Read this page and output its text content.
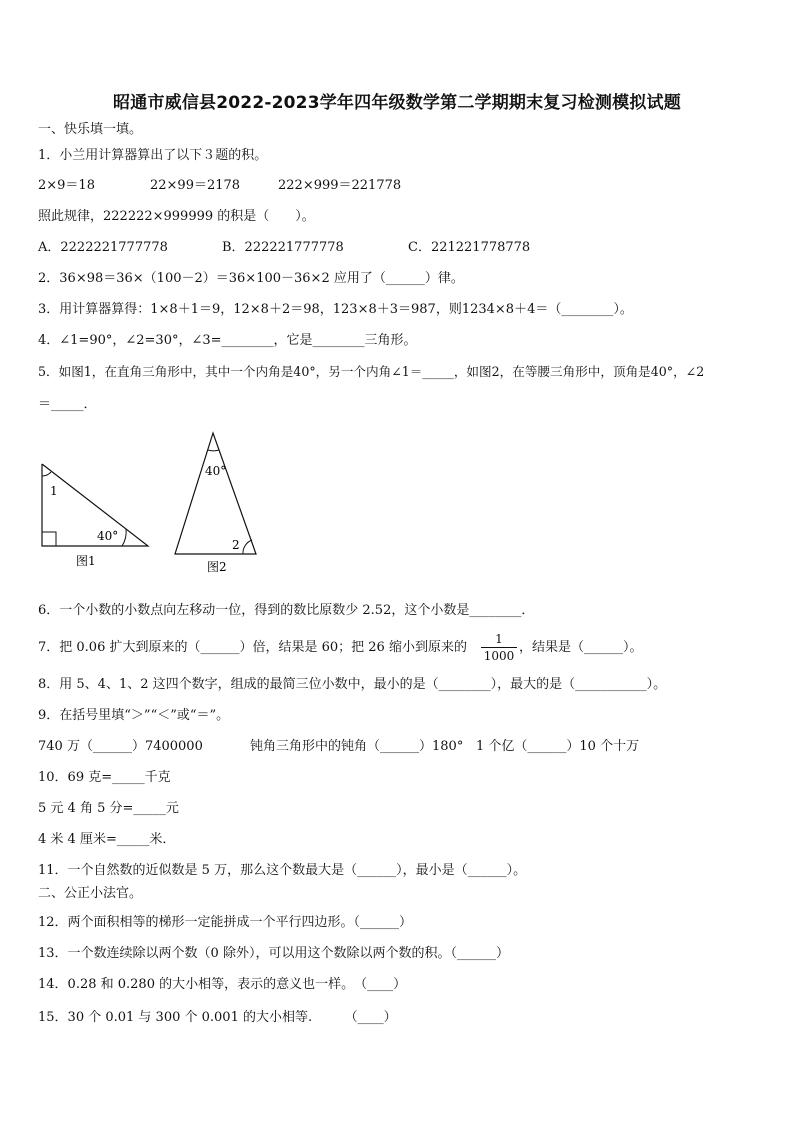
昭通市威信县2022-2023学年四年级数学第二学期期末复习检测模拟试题
一、快乐填一填。
1．小兰用计算器算出了以下３题的积。
2×9＝18	22×99＝2178	222×999＝221778
照此规律，222222×999999 的积是（　　）。
A．2222221777778	B．222221777778	C．221221778778
2．36×98＝36×（100－2）＝36×100－36×2 应用了（______）律。
3．用计算器算得：1×8＋1＝9，12×8＋2＝98，123×8＋3＝987，则1234×8＋4＝（________）。
4．∠1=90°，∠2=30°，∠3=________，它是________三角形。
5．如图1，在直角三角形中，其中一个内角是40°，另一个内角∠1＝_____，如图2，在等腰三角形中，顶角是40°，∠2
＝_____．
1
40°
图1
40°
2
图2
6．一个小数的小数点向左移动一位，得到的数比原数少 2.52，这个小数是________．
7．把 0.06 扩大到原来的（______）倍，结果是 60；把 26 缩小到原来的
1
1000
，结果是（______）。
8．用 5、4、1、2 这四个数字，组成的最简三位小数中，最小的是（________），最大的是（___________）。
9．在括号里填“＞”“＜”或“＝”。
740 万（______）7400000	钝角三角形中的钝角（______）180° 1 个亿（______）10 个十万
10．69 克=_____千克
5 元 4 角 5 分=_____元
4 米 4 厘米=_____米．
11．一个自然数的近似数是 5 万，那么这个数最大是（______），最小是（______）。
二、公正小法官。
12．两个面积相等的梯形一定能拼成一个平行四边形。（______）
13．一个数连续除以两个数（0 除外），可以用这个数除以两个数的积。（______）
14．0.28 和 0.280 的大小相等，表示的意义也一样。　（____）
15．30 个 0.01 与 300 个 0.001 的大小相等.　　　（____）
